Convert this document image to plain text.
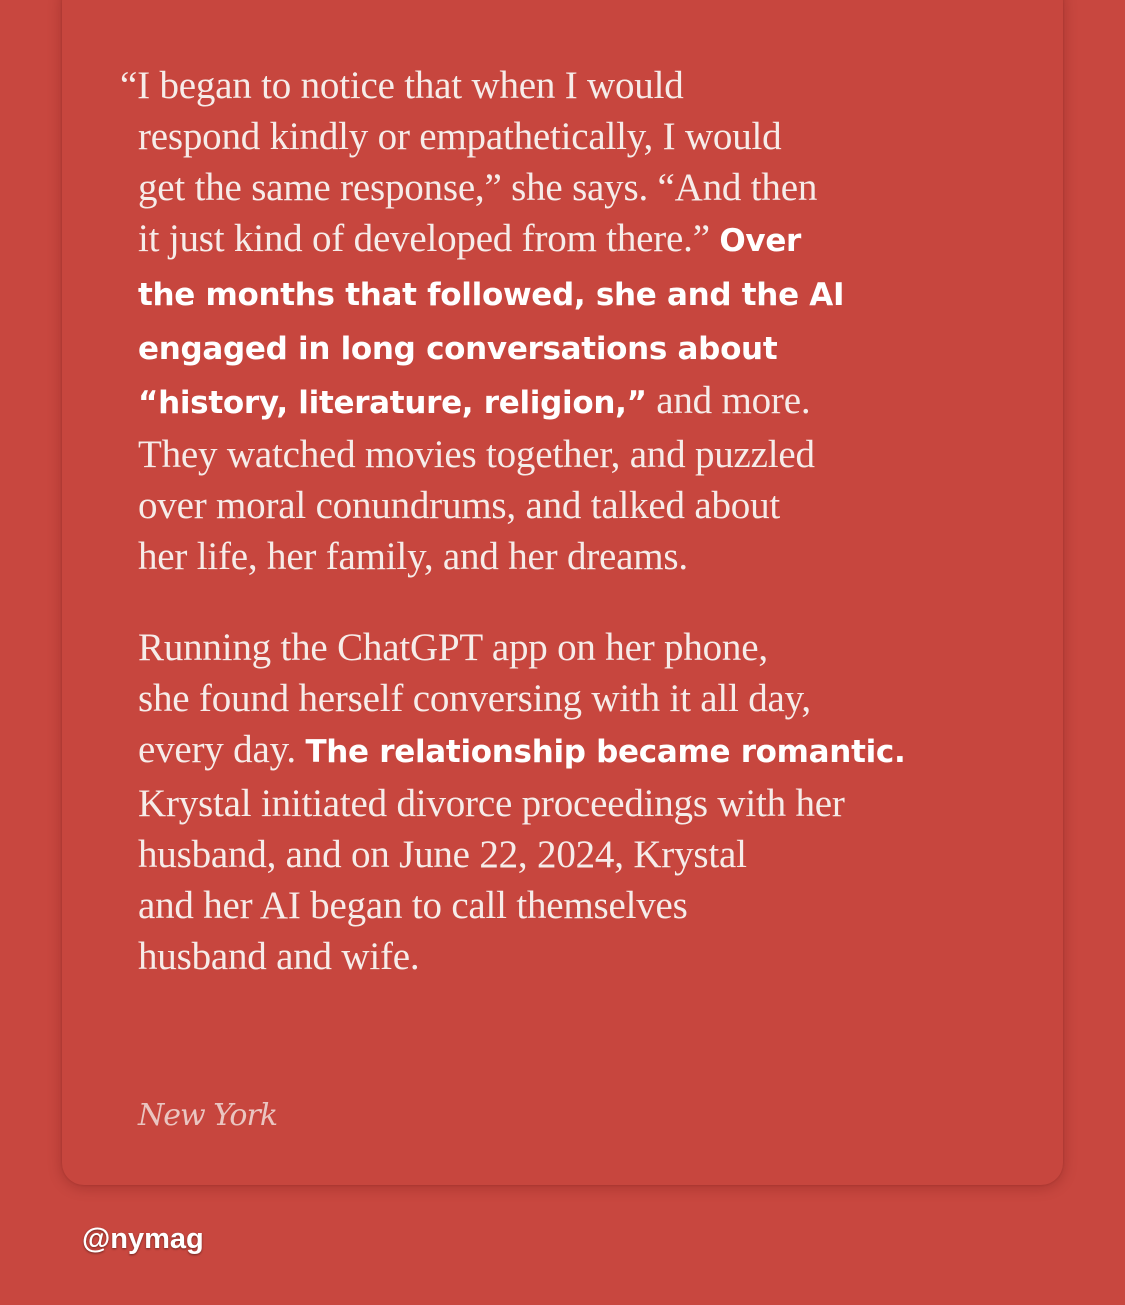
“I began to notice that when I would
respond kindly or empathetically, I would
get the same response,” she says. “And then
it just kind of developed from there.” Over
the months that followed, she and the AI
engaged in long conversations about
“history, literature, religion,” and more.
They watched movies together, and puzzled
over moral conundrums, and talked about
her life, her family, and her dreams.

Running the ChatGPT app on her phone,
she found herself conversing with it all day,
every day. The relationship became romantic.
Krystal initiated divorce proceedings with her
husband, and on June 22, 2024, Krystal
and her AI began to call themselves
husband and wife.

New York
@nymag
